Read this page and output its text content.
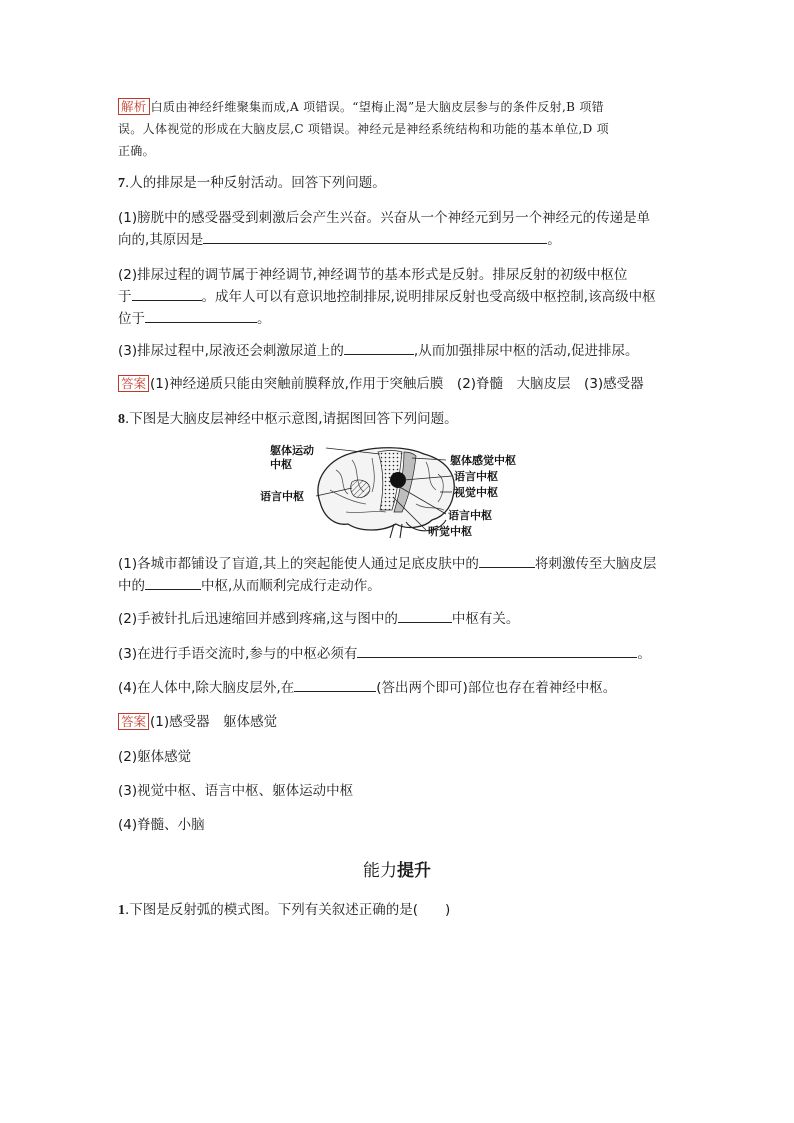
解析 白质由神经纤维聚集而成,A 项错误。“望梅止渴”是大脑皮层参与的条件反射,B 项错

误。人体视觉的形成在大脑皮层,C 项错误。神经元是神经系统结构和功能的基本单位,D 项

正确。

7.人的排尿是一种反射活动。回答下列问题。

(1)膀胱中的感受器受到刺激后会产生兴奋。兴奋从一个神经元到另一个神经元的传递是单

向的,其原因是	。

(2)排尿过程的调节属于神经调节,神经调节的基本形式是反射。排尿反射的初级中枢位

于	。成年人可以有意识地控制排尿,说明排尿反射也受高级中枢控制,该高级中枢

位于	。

(3)排尿过程中,尿液还会刺激尿道上的	,从而加强排尿中枢的活动,促进排尿。

答案 (1)神经递质只能由突触前膜释放,作用于突触后膜　(2)脊髓　大脑皮层　(3)感受器

8.下图是大脑皮层神经中枢示意图,请据图回答下列问题。

躯体运动
中枢	躯体感觉中枢
语言中枢
视觉中枢
语言中枢
语言中枢
听觉中枢

(1)各城市都铺设了盲道,其上的突起能使人通过足底皮肤中的	将刺激传至大脑皮层

中的	中枢,从而顺利完成行走动作。

(2)手被针扎后迅速缩回并感到疼痛,这与图中的	中枢有关。

(3)在进行手语交流时,参与的中枢必须有	。

(4)在人体中,除大脑皮层外,在	(答出两个即可)部位也存在着神经中枢。

答案 (1)感受器　躯体感觉

(2)躯体感觉

(3)视觉中枢、语言中枢、躯体运动中枢

(4)脊髓、小脑

能力提升

1.下图是反射弧的模式图。下列有关叙述正确的是(　　)
